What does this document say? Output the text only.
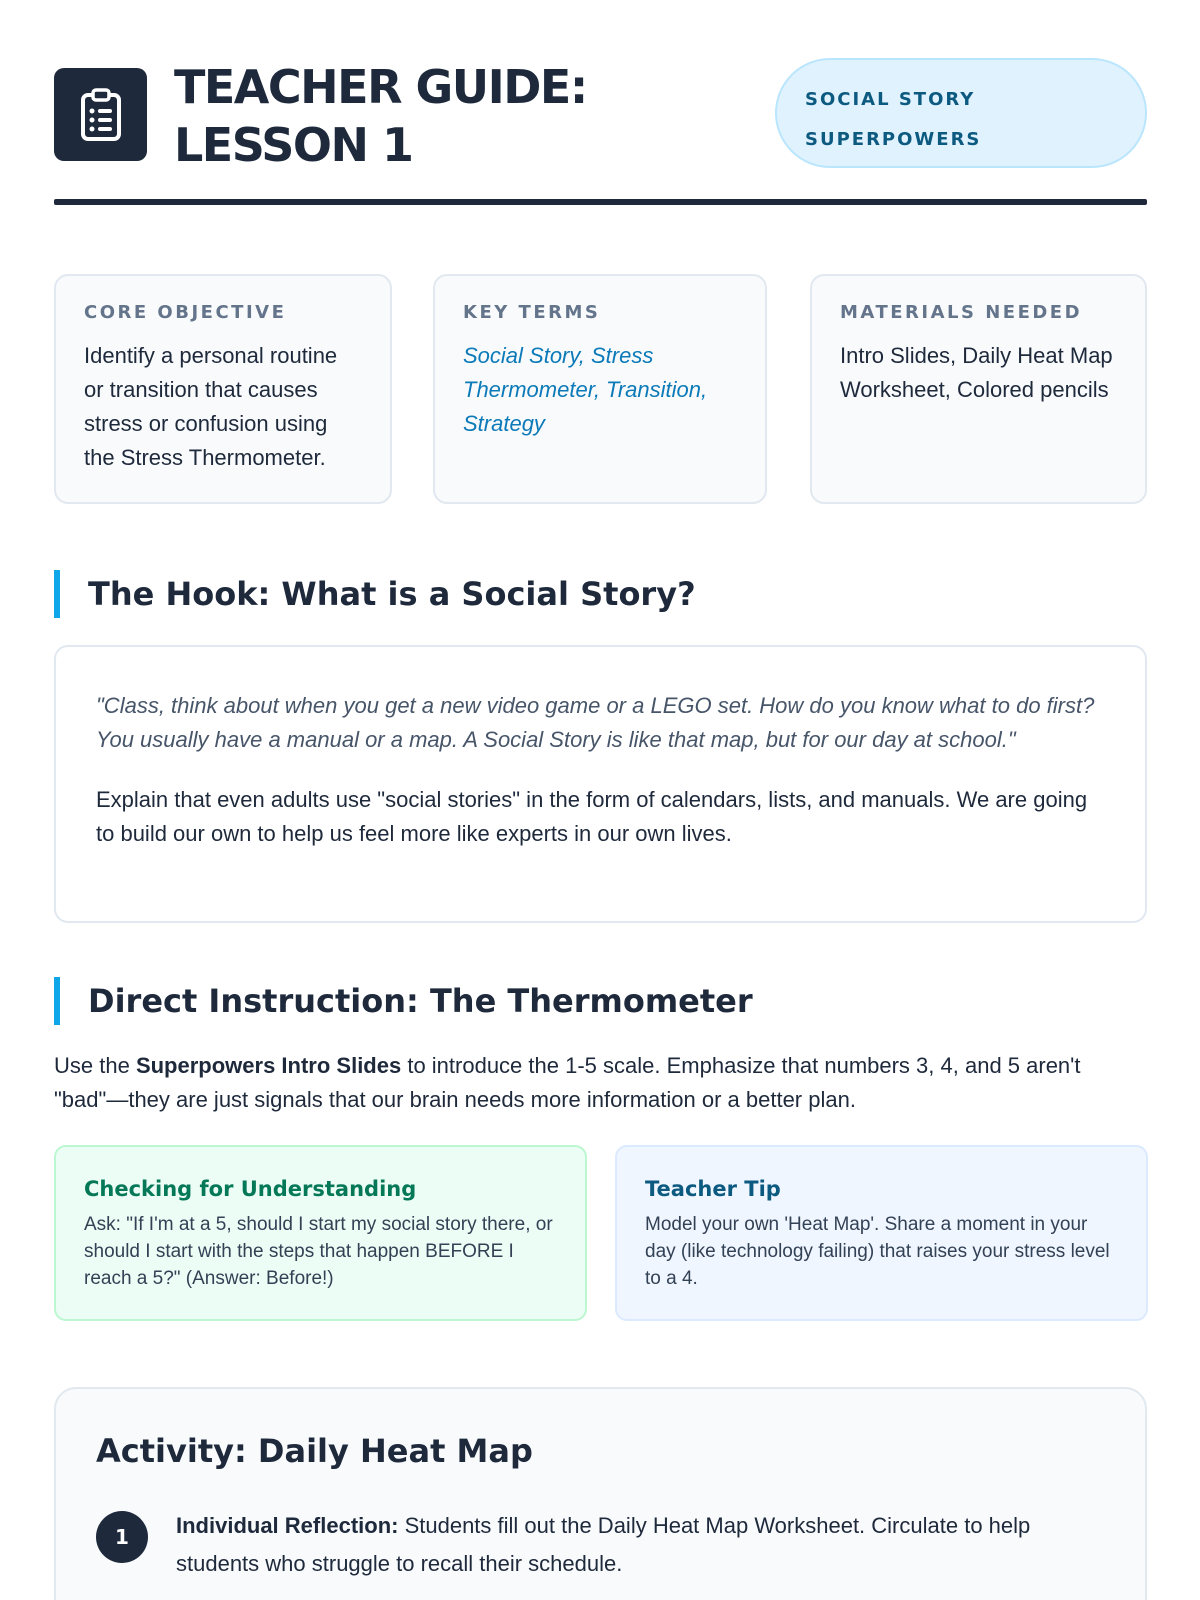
TEACHER GUIDE:
LESSON 1
SOCIAL STORY
SUPERPOWERS
CORE OBJECTIVE
Identify a personal routine or transition that causes stress or confusion using the Stress Thermometer.
KEY TERMS
Social Story, Stress Thermometer, Transition, Strategy
MATERIALS NEEDED
Intro Slides, Daily Heat Map Worksheet, Colored pencils
The Hook: What is a Social Story?

"Class, think about when you get a new video game or a LEGO set. How do you know what to do first? You usually have a manual or a map. A Social Story is like that map, but for our day at school."

Explain that even adults use "social stories" in the form of calendars, lists, and manuals. We are going to build our own to help us feel more like experts in our own lives.

Direct Instruction: The Thermometer

Use the Superpowers Intro Slides to introduce the 1-5 scale. Emphasize that numbers 3, 4, and 5 aren't "bad"—they are just signals that our brain needs more information or a better plan.

Checking for Understanding

Ask: "If I'm at a 5, should I start my social story there, or should I start with the steps that happen BEFORE I reach a 5?" (Answer: Before!)

Teacher Tip

Model your own 'Heat Map'. Share a moment in your day (like technology failing) that raises your stress level to a 4.

Activity: Daily Heat Map
1	Individual Reflection: Students fill out the Daily Heat Map Worksheet. Circulate to help students who struggle to recall their schedule.
